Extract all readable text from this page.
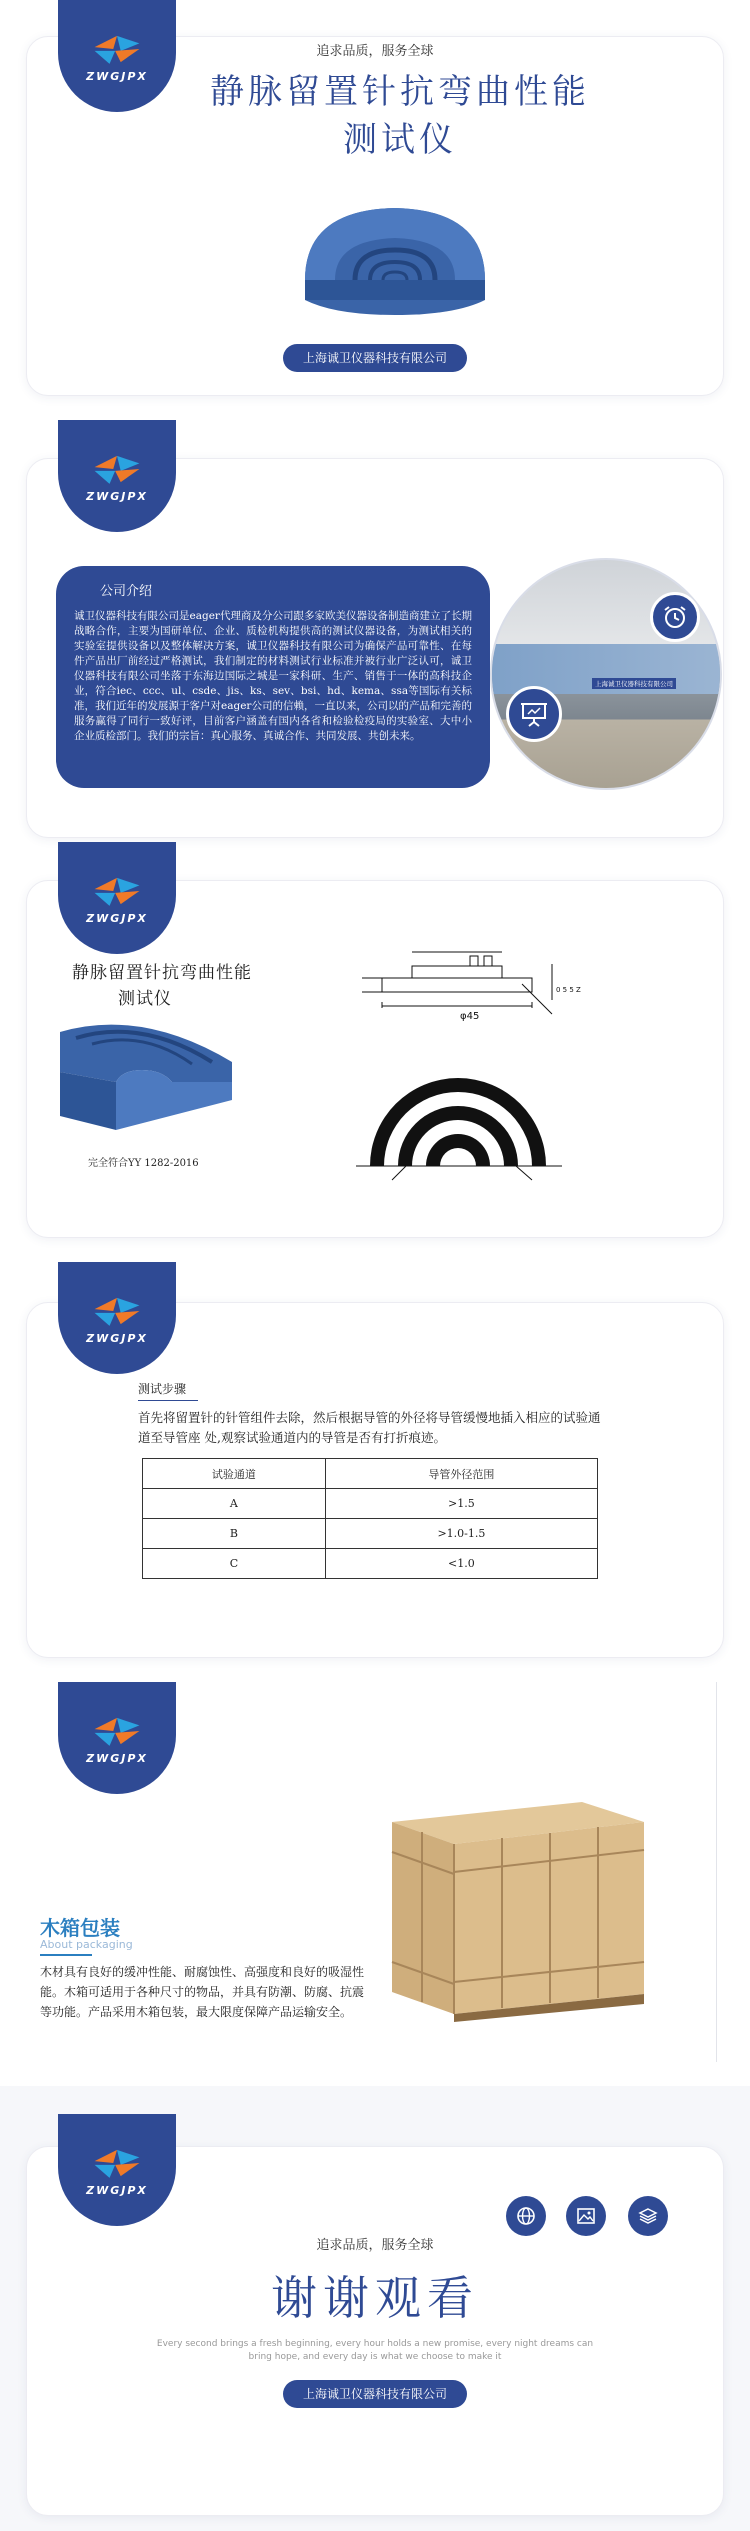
ZWGJPX
追求品质，服务全球
静脉留置针抗弯曲性能
测试仪
上海诚卫仪器科技有限公司
ZWGJPX
公司介绍
诚卫仪器科技有限公司是eager代理商及分公司跟多家欧美仪器设备制造商建立了长期战略合作，主要为国研单位、企业、质检机构提供高的测试仪器设备，为测试相关的实验室提供设备以及整体解决方案，诚卫仪器科技有限公司为确保产品可靠性、在每件产品出厂前经过严格测试，我们制定的材料测试行业标准并被行业广泛认可，诚卫仪器科技有限公司坐落于东海边国际之城是一家科研、生产、销售于一体的高科技企业，符合iec、ccc、ul、csde、jis、ks、sev、bsi、hd、kema、ssa等国际有关标准，我们近年的发展源于客户对eager公司的信赖，一直以来，公司以的产品和完善的服务赢得了同行一致好评，目前客户涵盖有国内各省和检验检疫局的实验室、大中小企业质检部门。我们的宗旨：真心服务、真诚合作、共同发展、共创未来。
上海诚卫仪器科技有限公司
ZWGJPX
静脉留置针抗弯曲性能
测试仪
完全符合YY 1282-2016
φ45
0 5 5 Z
ZWGJPX
测试步骤
首先将留置针的针管组件去除，然后根据导管的外径将导管缓慢地插入相应的试验通道至导管座 处,观察试验通道内的导管是否有打折痕迹。
试验通道	导管外径范围
A	>1.5
B	>1.0-1.5
C	<1.0
ZWGJPX
木箱包装
About packaging
木材具有良好的缓冲性能、耐腐蚀性、高强度和良好的吸湿性能。木箱可适用于各种尺寸的物品，并具有防潮、防腐、抗震等功能。产品采用木箱包装，最大限度保障产品运输安全。
ZWGJPX
追求品质，服务全球
谢谢观看
Every second brings a fresh beginning, every hour holds a new promise, every night dreams can bring hope, and every day is what we choose to make it
上海诚卫仪器科技有限公司
